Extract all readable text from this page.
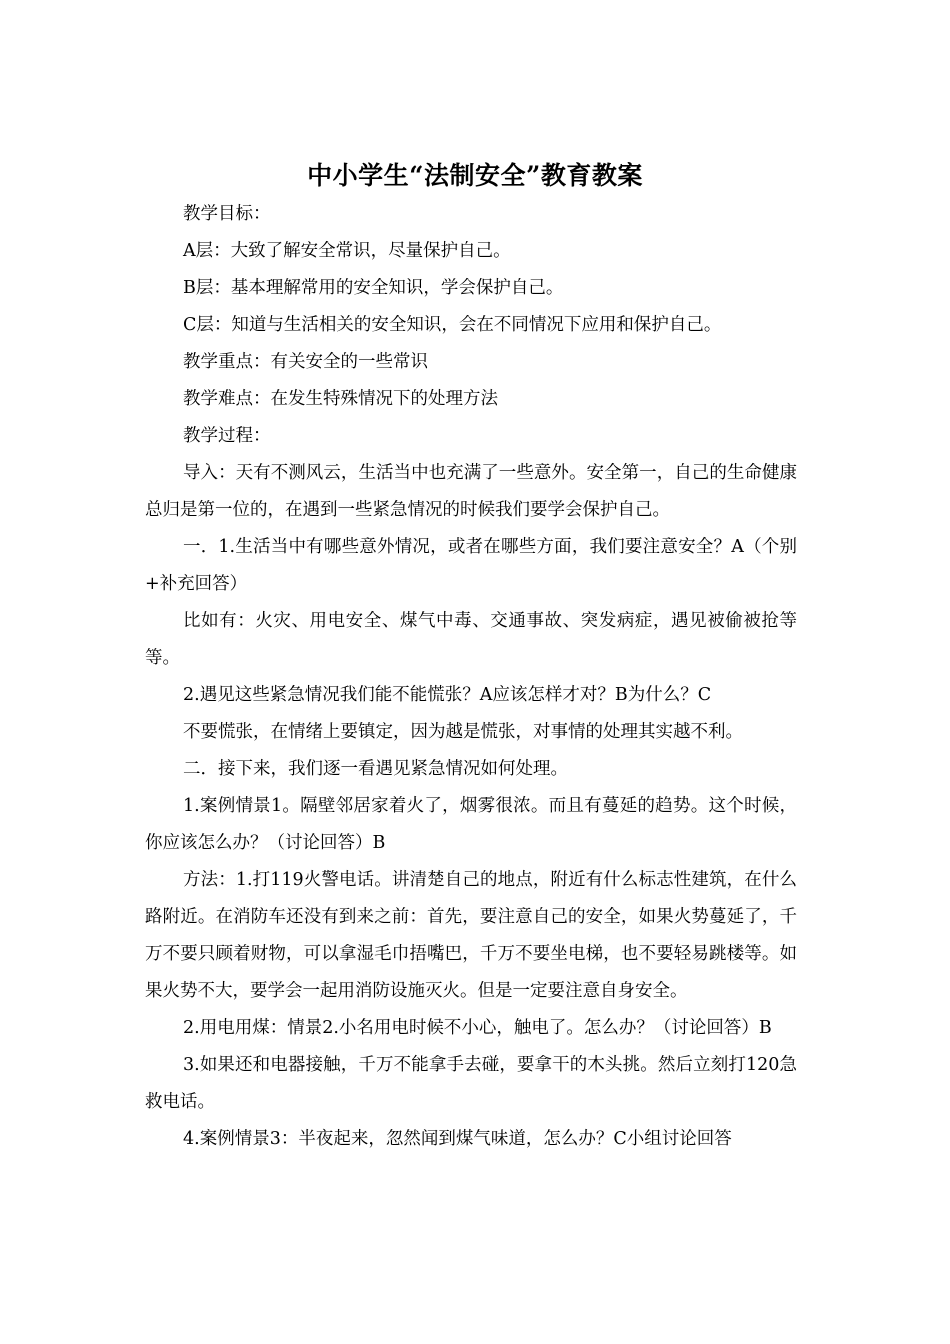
中小学生“法制安全”教育教案

教学目标：

A层：大致了解安全常识，尽量保护自己。

B层：基本理解常用的安全知识，学会保护自己。

C层：知道与生活相关的安全知识，会在不同情况下应用和保护自己。

教学重点：有关安全的一些常识

教学难点：在发生特殊情况下的处理方法

教学过程：

导入：天有不测风云，生活当中也充满了一些意外。安全第一，自己的生命健康总归是第一位的，在遇到一些紧急情况的时候我们要学会保护自己。

一．1.生活当中有哪些意外情况，或者在哪些方面，我们要注意安全？A（个别+补充回答）

比如有：火灾、用电安全、煤气中毒、交通事故、突发病症，遇见被偷被抢等等。

2.遇见这些紧急情况我们能不能慌张？A应该怎样才对？B为什么？C

不要慌张，在情绪上要镇定，因为越是慌张，对事情的处理其实越不利。

二．接下来，我们逐一看遇见紧急情况如何处理。

1.案例情景1。隔壁邻居家着火了，烟雾很浓。而且有蔓延的趋势。这个时候，你应该怎么办？（讨论回答）B

方法：1.打119火警电话。讲清楚自己的地点，附近有什么标志性建筑，在什么路附近。在消防车还没有到来之前：首先，要注意自己的安全，如果火势蔓延了，千万不要只顾着财物，可以拿湿毛巾捂嘴巴，千万不要坐电梯，也不要轻易跳楼等。如果火势不大，要学会一起用消防设施灭火。但是一定要注意自身安全。

2.用电用煤：情景2.小名用电时候不小心，触电了。怎么办？（讨论回答）B

3.如果还和电器接触，千万不能拿手去碰，要拿干的木头挑。然后立刻打120急救电话。

4.案例情景3：半夜起来，忽然闻到煤气味道，怎么办？C小组讨论回答
